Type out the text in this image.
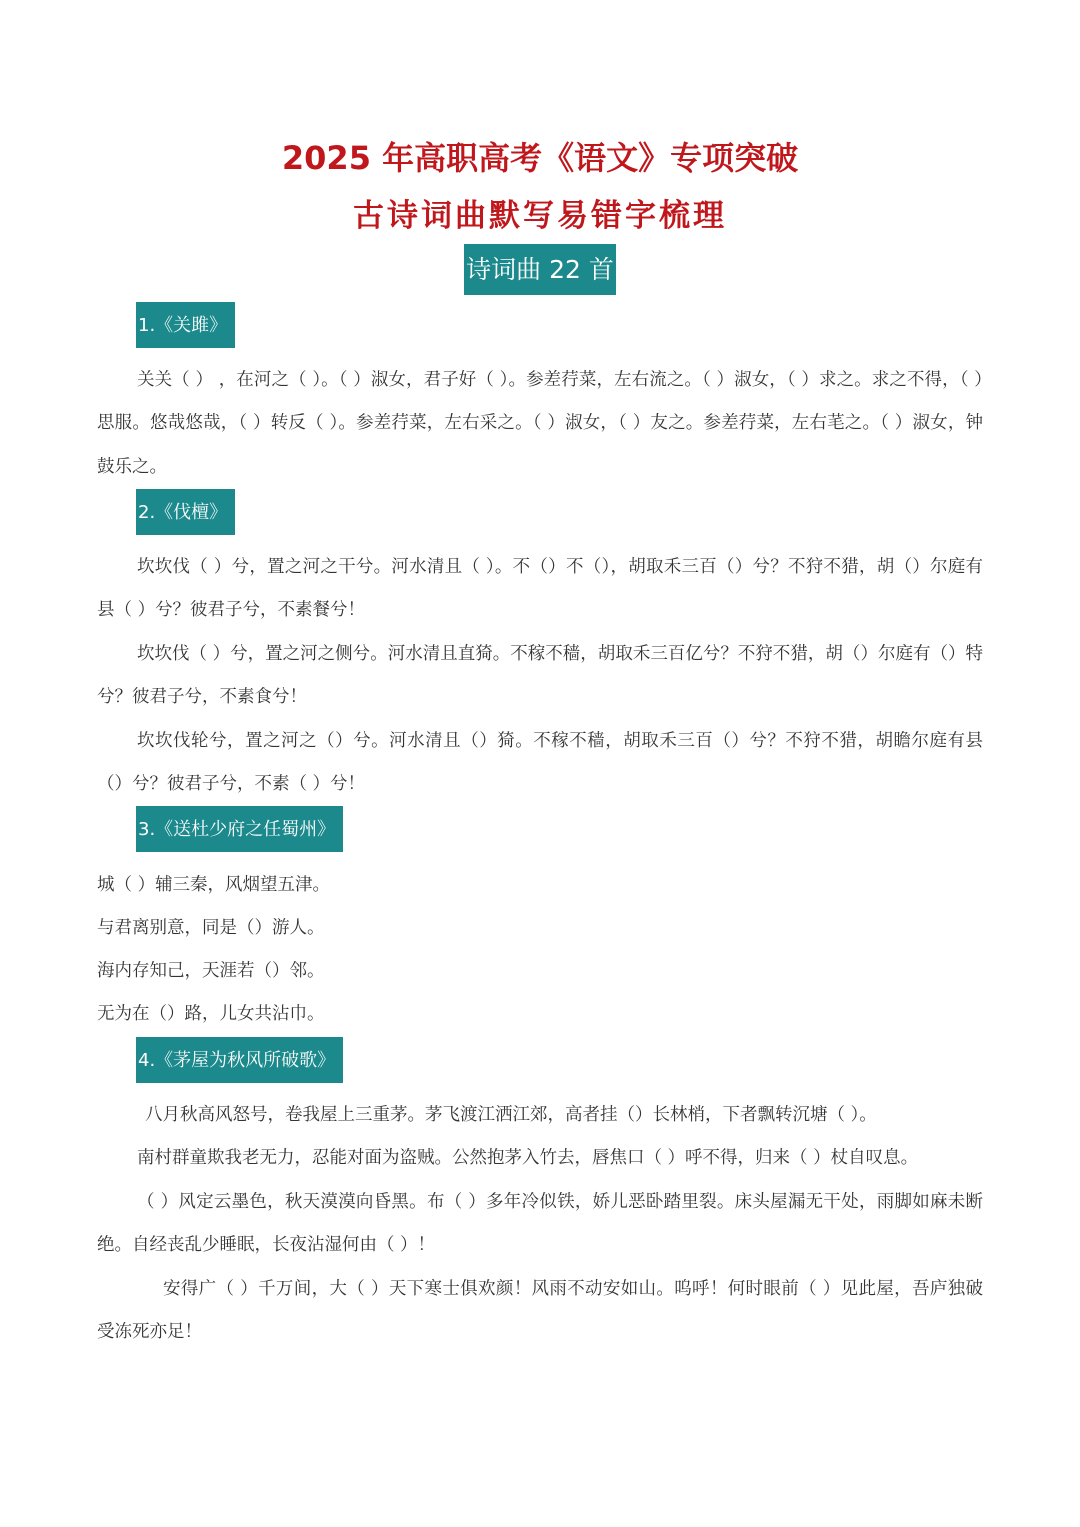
2025 年高职高考《语文》专项突破
古诗词曲默写易错字梳理
诗词曲 22 首
1.《关雎》

关关（ ） ，在河之（ ）。（ ）淑女，君子好（ ）。参差荇菜，左右流之。（ ）淑女，（ ）求之。求之不得，（ ）思服。悠哉悠哉，（ ）转反（ ）。参差荇菜，左右采之。（ ）淑女，（ ）友之。参差荇菜，左右芼之。（ ）淑女，钟鼓乐之。

2.《伐檀》

坎坎伐（ ）兮，置之河之干兮。河水清且（ ）。不（）不（），胡取禾三百（）兮？不狩不猎，胡（）尔庭有县（ ）兮？彼君子兮，不素餐兮！

坎坎伐（ ）兮，置之河之侧兮。河水清且直猗。不稼不穑，胡取禾三百亿兮？不狩不猎，胡（）尔庭有（）特兮？彼君子兮，不素食兮！

坎坎伐轮兮，置之河之（）兮。河水清且（）猗。不稼不穑，胡取禾三百（）兮？不狩不猎，胡瞻尔庭有县（）兮？彼君子兮，不素（ ）兮！

3.《送杜少府之任蜀州》

城（ ）辅三秦，风烟望五津。

与君离别意，同是（）游人。

海内存知己，天涯若（）邻。

无为在（）路，儿女共沾巾。

4.《茅屋为秋风所破歌》

八月秋高风怒号，卷我屋上三重茅。茅飞渡江洒江郊，高者挂（）长林梢，下者飘转沉塘（ ）。

南村群童欺我老无力，忍能对面为盗贼。公然抱茅入竹去，唇焦口（ ）呼不得，归来（ ）杖自叹息。

（ ）风定云墨色，秋天漠漠向昏黑。布（ ）多年冷似铁，娇儿恶卧踏里裂。床头屋漏无干处，雨脚如麻未断绝。自经丧乱少睡眠，长夜沾湿何由（ ）！

安得广（ ）千万间，大（ ）天下寒士俱欢颜！风雨不动安如山。呜呼！何时眼前（ ）见此屋，吾庐独破受冻死亦足！
